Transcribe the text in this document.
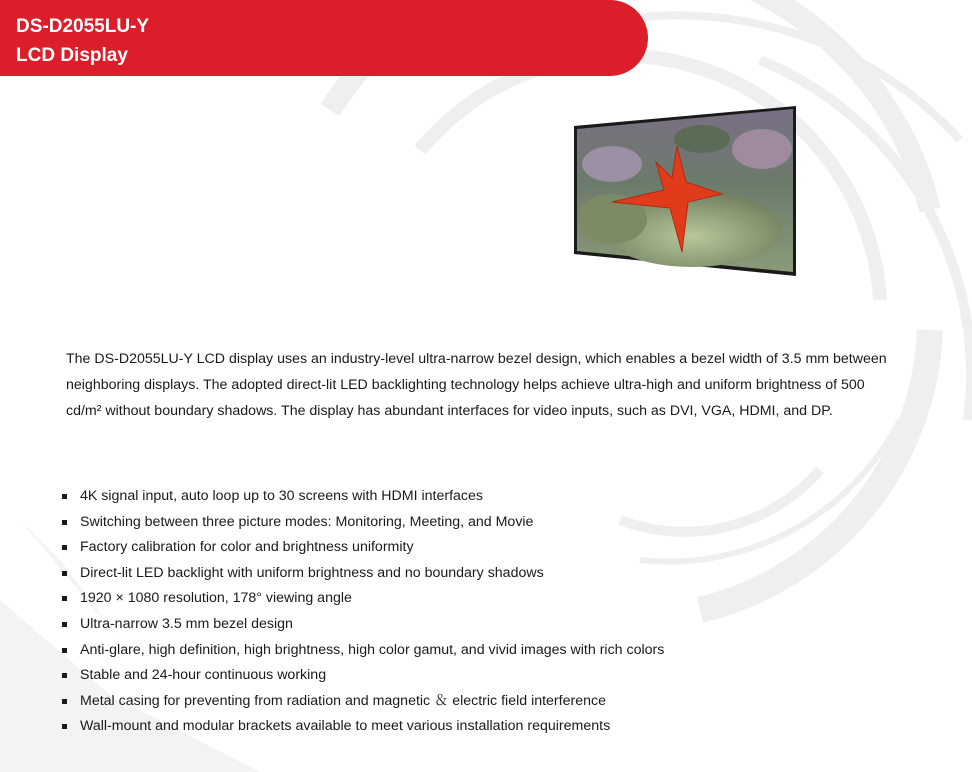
DS-D2055LU-Y
LCD Display

The DS-D2055LU-Y LCD display uses an industry-level ultra-narrow bezel design, which enables a bezel width of 3.5 mm between neighboring displays. The adopted direct-lit LED backlighting technology helps achieve ultra-high and uniform brightness of 500 cd/m² without boundary shadows. The display has abundant interfaces for video inputs, such as DVI, VGA, HDMI, and DP.

4K signal input, auto loop up to 30 screens with HDMI interfaces
Switching between three picture modes: Monitoring, Meeting, and Movie
Factory calibration for color and brightness uniformity
Direct-lit LED backlight with uniform brightness and no boundary shadows
1920 × 1080 resolution, 178° viewing angle
Ultra-narrow 3.5 mm bezel design
Anti-glare, high definition, high brightness, high color gamut, and vivid images with rich colors
Stable and 24-hour continuous working
Metal casing for preventing from radiation and magnetic ＆ electric field interference
Wall-mount and modular brackets available to meet various installation requirements
